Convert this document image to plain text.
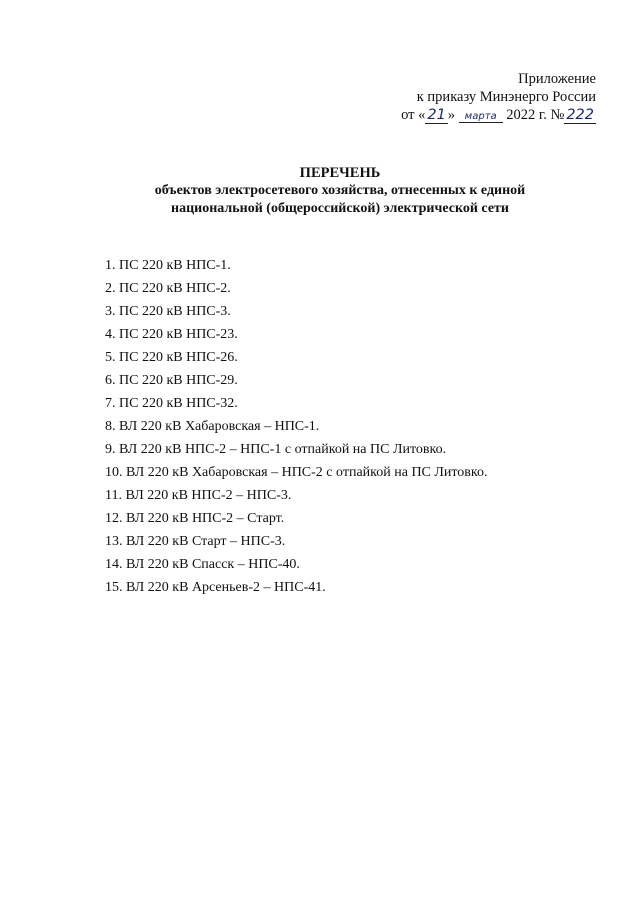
Приложение
к приказу Минэнерго России
от « 21 » марта 2022 г. № 222
ПЕРЕЧЕНЬ
объектов электросетевого хозяйства, отнесенных к единой
национальной (общероссийской) электрической сети
1. ПС 220 кВ НПС-1.
2. ПС 220 кВ НПС-2.
3. ПС 220 кВ НПС-3.
4. ПС 220 кВ НПС-23.
5. ПС 220 кВ НПС-26.
6. ПС 220 кВ НПС-29.
7. ПС 220 кВ НПС-32.
8. ВЛ 220 кВ Хабаровская – НПС-1.
9. ВЛ 220 кВ НПС-2 – НПС-1 с отпайкой на ПС Литовко.
10. ВЛ 220 кВ Хабаровская – НПС-2 с отпайкой на ПС Литовко.
11. ВЛ 220 кВ НПС-2 – НПС-3.
12. ВЛ 220 кВ НПС-2 – Старт.
13. ВЛ 220 кВ Старт – НПС-3.
14. ВЛ 220 кВ Спасск – НПС-40.
15. ВЛ 220 кВ Арсеньев-2 – НПС-41.
